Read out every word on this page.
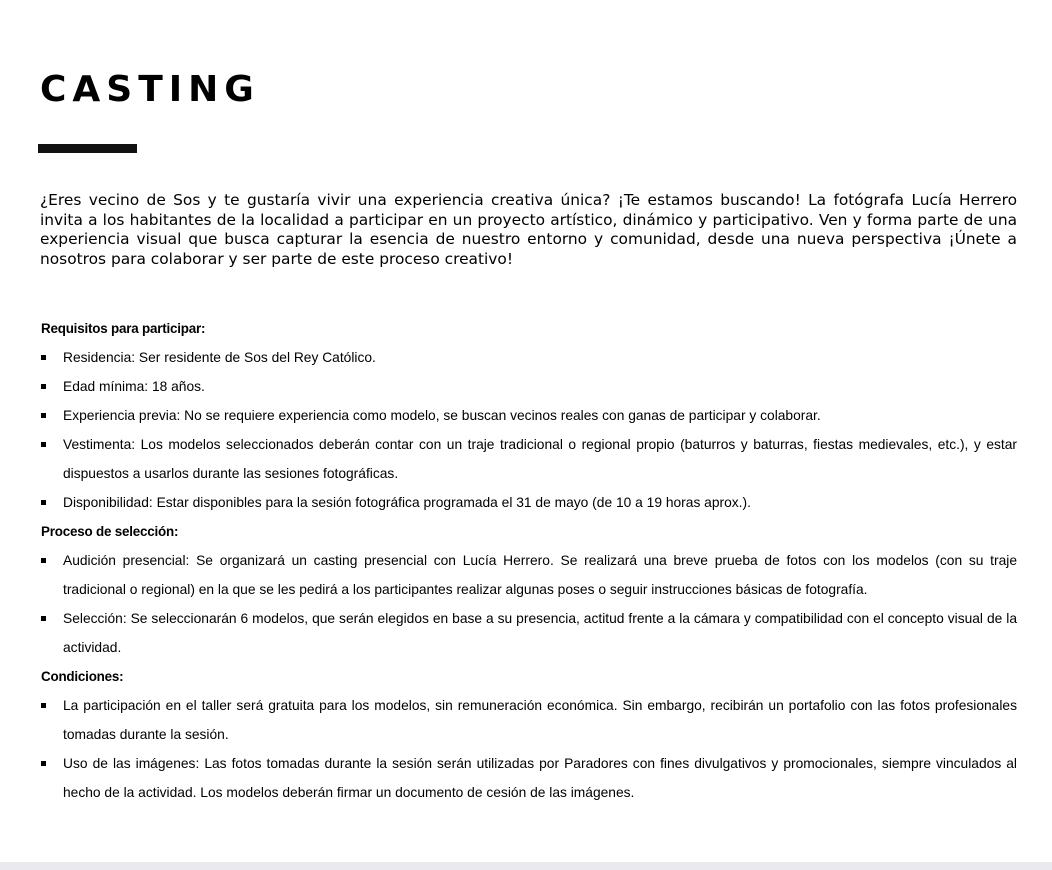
CASTING

¿Eres vecino de Sos y te gustaría vivir una experiencia creativa única? ¡Te estamos buscando! La fotógrafa Lucía Herrero invita a los habitantes de la localidad a participar en un proyecto artístico, dinámico y participativo. Ven y forma parte de una experiencia visual que busca capturar la esencia de nuestro entorno y comunidad, desde una nueva perspectiva ¡Únete a nosotros para colaborar y ser parte de este proceso creativo!

Requisitos para participar:

Residencia: Ser residente de Sos del Rey Católico.
Edad mínima: 18 años.
Experiencia previa: No se requiere experiencia como modelo, se buscan vecinos reales con ganas de participar y colaborar.
Vestimenta: Los modelos seleccionados deberán contar con un traje tradicional o regional propio (baturros y baturras, fiestas medievales, etc.), y estar dispuestos a usarlos durante las sesiones fotográficas.
Disponibilidad: Estar disponibles para la sesión fotográfica programada el 31 de mayo (de 10 a 19 horas aprox.).

Proceso de selección:

Audición presencial: Se organizará un casting presencial con Lucía Herrero. Se realizará una breve prueba de fotos con los modelos (con su traje tradicional o regional) en la que se les pedirá a los participantes realizar algunas poses o seguir instrucciones básicas de fotografía.
Selección: Se seleccionarán 6 modelos, que serán elegidos en base a su presencia, actitud frente a la cámara y compatibilidad con el concepto visual de la actividad.

Condiciones:

La participación en el taller será gratuita para los modelos, sin remuneración económica. Sin embargo, recibirán un portafolio con las fotos profesionales tomadas durante la sesión.
Uso de las imágenes: Las fotos tomadas durante la sesión serán utilizadas por Paradores con fines divulgativos y promocionales, siempre vinculados al hecho de la actividad. Los modelos deberán firmar un documento de cesión de las imágenes.
